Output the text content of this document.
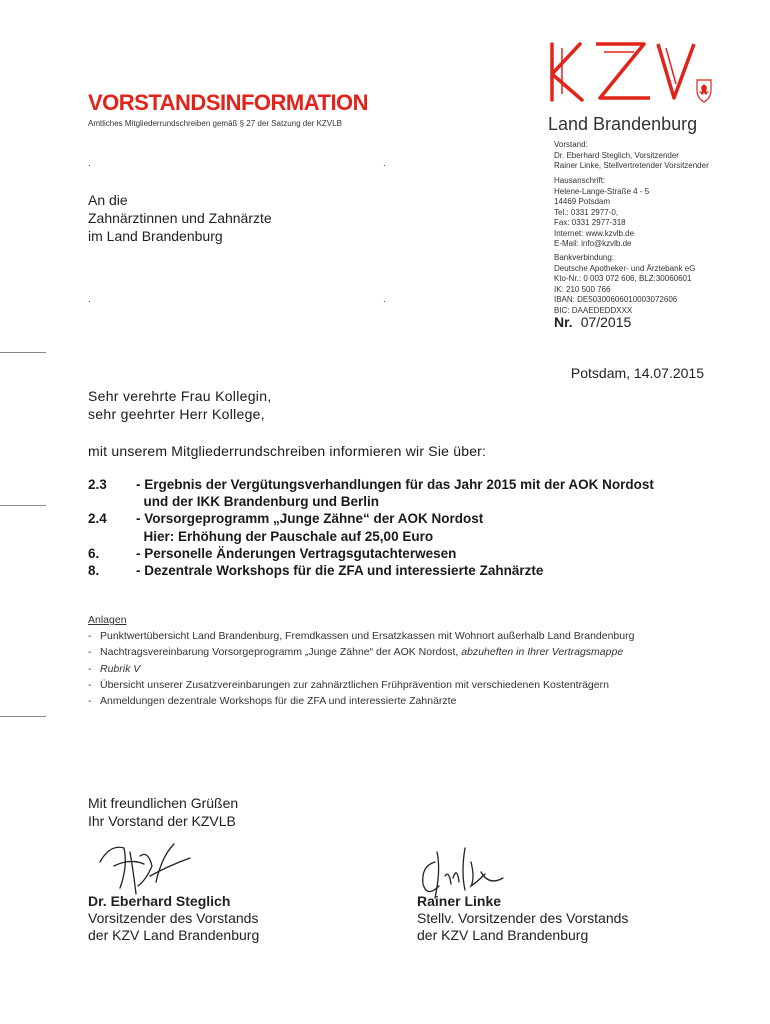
VORSTANDSINFORMATION
Amtliches Mitgliederrundschreiben gemäß § 27 der Satzung der KZVLB
.	.
.	.
Land Brandenburg
Vorstand:
Dr. Eberhard Steglich, Vorsitzender
Rainer Linke, Stellvertretender Vorsitzender
Hausanschrift:
Helene-Lange-Straße 4 - 5
14469 Potsdam
Tel.: 0331 2977-0,
Fax: 0331 2977-318
Internet: www.kzvlb.de
E-Mail: info@kzvlb.de
Bankverbindung:
Deutsche Apotheker- und Ärztebank eG
Kto-Nr.: 0 003 072 606, BLZ:30060601
IK: 210 500 766
IBAN: DE50300606010003072606
BIC: DAAEDEDDXXX
Nr. 07/2015
An die
Zahnärztinnen und Zahnärzte
im Land Brandenburg
Potsdam, 14.07.2015
Sehr verehrte Frau Kollegin,
sehr geehrter Herr Kollege,
mit unserem Mitgliederrundschreiben informieren wir Sie über:
2.3	- Ergebnis der Vergütungsverhandlungen für das Jahr 2015 mit der AOK Nordost
und der IKK Brandenburg und Berlin
2.4	- Vorsorgeprogramm „Junge Zähne“ der AOK Nordost
Hier: Erhöhung der Pauschale auf 25,00 Euro
6.	- Personelle Änderungen Vertragsgutachterwesen
8.	- Dezentrale Workshops für die ZFA und interessierte Zahnärzte
Anlagen
- Punktwertübersicht Land Brandenburg, Fremdkassen und Ersatzkassen mit Wohnort außerhalb Land Brandenburg
- Nachtragsvereinbarung Vorsorgeprogramm „Junge Zähne“ der AOK Nordost, abzuheften in Ihrer Vertragsmappe
- Rubrik V
- Übersicht unserer Zusatzvereinbarungen zur zahnärztlichen Frühprävention mit verschiedenen Kostenträgern
- Anmeldungen dezentrale Workshops für die ZFA und interessierte Zahnärzte
Mit freundlichen Grüßen
Ihr Vorstand der KZVLB
Dr. Eberhard Steglich
Vorsitzender des Vorstands
der KZV Land Brandenburg
Rainer Linke
Stellv. Vorsitzender des Vorstands
der KZV Land Brandenburg
